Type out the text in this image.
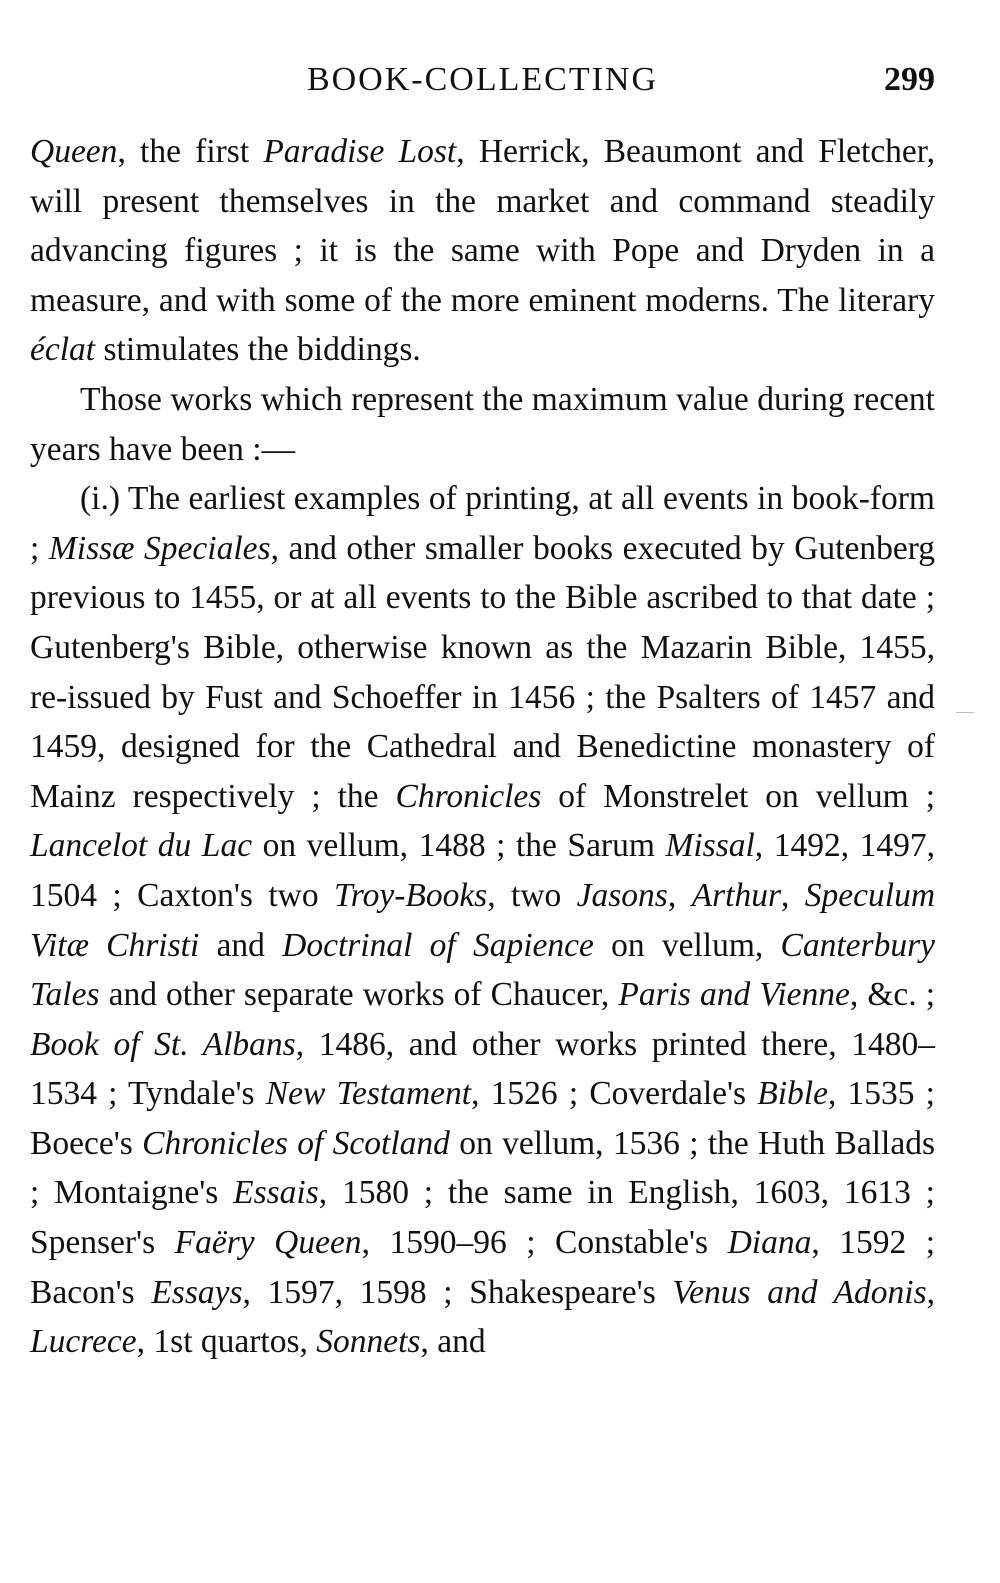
BOOK-COLLECTING	299

Queen, the first Paradise Lost, Herrick, Beaumont and Fletcher, will present themselves in the market and command steadily advancing figures ; it is the same with Pope and Dryden in a measure, and with some of the more eminent moderns. The literary éclat stimulates the biddings.

Those works which represent the maximum value during recent years have been :—

(i.) The earliest examples of printing, at all events in book-form ; Missæ Speciales, and other smaller books executed by Gutenberg previous to 1455, or at all events to the Bible ascribed to that date ; Gutenberg's Bible, otherwise known as the Mazarin Bible, 1455, re-issued by Fust and Schoeffer in 1456 ; the Psalters of 1457 and 1459, designed for the Cathedral and Benedictine monastery of Mainz respectively ; the Chronicles of Monstrelet on vellum ; Lancelot du Lac on vellum, 1488 ; the Sarum Missal, 1492, 1497, 1504 ; Caxton's two Troy-Books, two Jasons, Arthur, Speculum Vitæ Christi and Doctrinal of Sapience on vellum, Canterbury Tales and other separate works of Chaucer, Paris and Vienne, &c. ; Book of St. Albans, 1486, and other works printed there, 1480–1534 ; Tyndale's New Testament, 1526 ; Coverdale's Bible, 1535 ; Boece's Chronicles of Scotland on vellum, 1536 ; the Huth Ballads ; Montaigne's Essais, 1580 ; the same in English, 1603, 1613 ; Spenser's Faëry Queen, 1590–96 ; Constable's Diana, 1592 ; Bacon's Essays, 1597, 1598 ; Shakespeare's Venus and Adonis, Lucrece, 1st quartos, Sonnets, and
